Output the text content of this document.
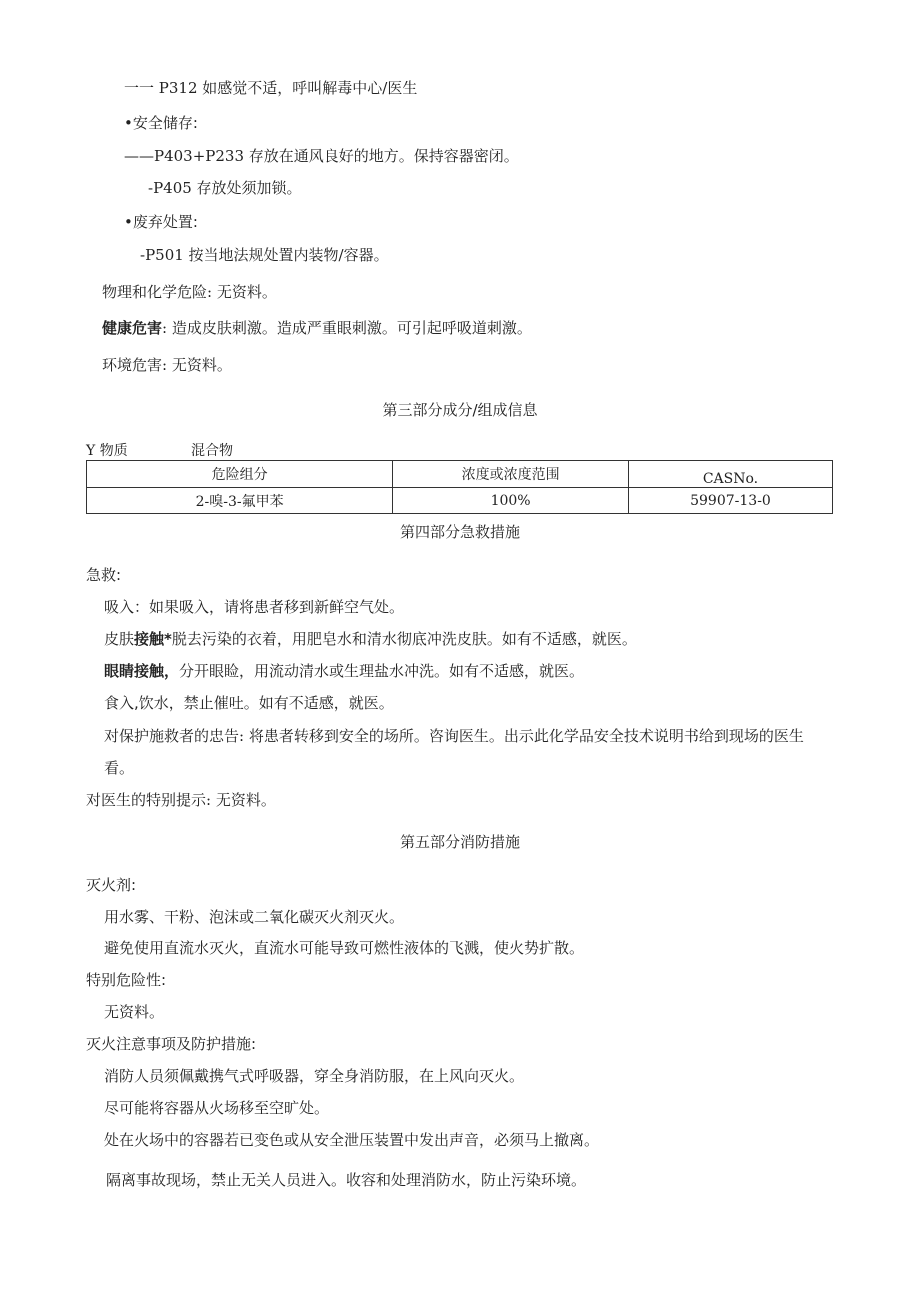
一一 P312 如感觉不适，呼叫解毒中心/医生
•安全储存:
——P403+P233 存放在通风良好的地方。保持容器密闭。
-P405 存放处须加锁。
•废弃处置:
-P501 按当地法规处置内装物/容器。
物理和化学危险: 无资料。
健康危害: 造成皮肤刺激。造成严重眼刺激。可引起呼吸道刺激。
环境危害: 无资料。
第三部分成分/组成信息
Y 物质	混合物
危险组分	浓度或浓度范围	CASNo.
2-嗅-3-氟甲苯	100%	59907-13-0
第四部分急救措施
急救:
吸入：如果吸入，请将患者移到新鲜空气处。
皮肤接触*脱去污染的衣着，用肥皂水和清水彻底冲洗皮肤。如有不适感，就医。
眼睛接触，分开眼睑，用流动清水或生理盐水冲洗。如有不适感，就医。
食入,饮水，禁止催吐。如有不适感，就医。
对保护施救者的忠告: 将患者转移到安全的场所。咨询医生。出示此化学品安全技术说明书给到现场的医生
看。
对医生的特别提示: 无资料。
第五部分消防措施
灭火剂:
用水雾、干粉、泡沫或二氧化碳灭火剂灭火。
避免使用直流水灭火，直流水可能导致可燃性液体的飞溅，使火势扩散。
特别危险性:
无资料。
灭火注意事项及防护措施:
消防人员须佩戴携气式呼吸器，穿全身消防服，在上风向灭火。
尽可能将容器从火场移至空旷处。
处在火场中的容器若已变色或从安全泄压装置中发出声音，必须马上撤离。
隔离事故现场，禁止无关人员进入。收容和处理消防水，防止污染环境。
